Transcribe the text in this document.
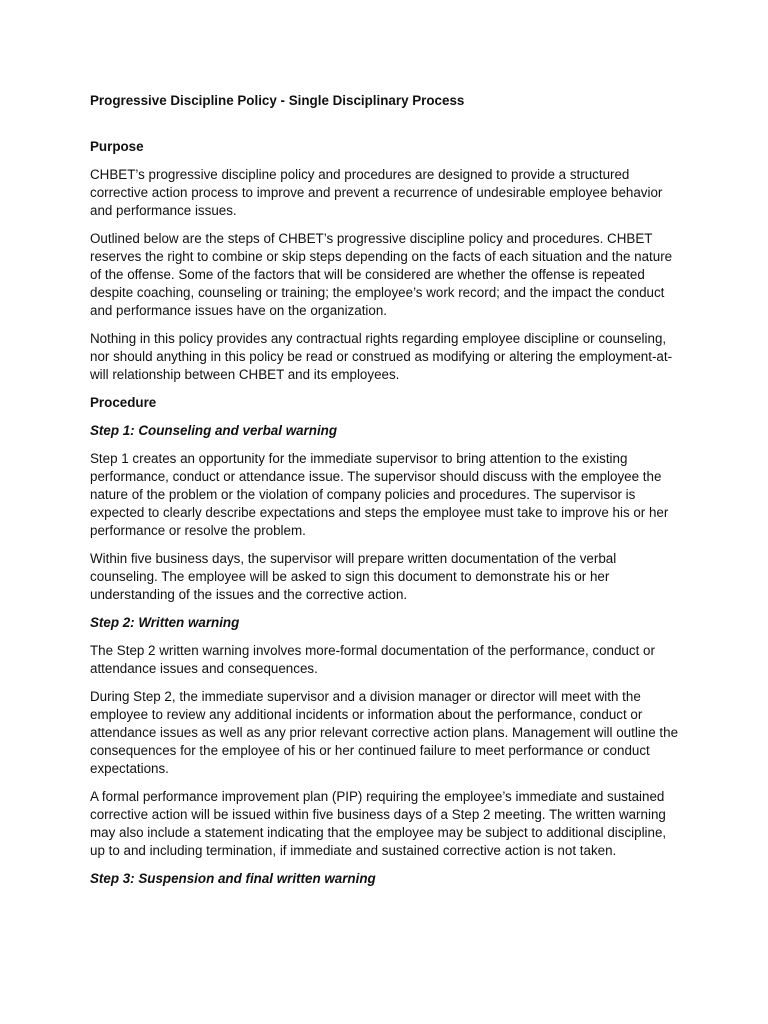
Progressive Discipline Policy - Single Disciplinary Process

Purpose

CHBET’s progressive discipline policy and procedures are designed to provide a structured corrective action process to improve and prevent a recurrence of undesirable employee behavior and performance issues.

Outlined below are the steps of CHBET’s progressive discipline policy and procedures. CHBET reserves the right to combine or skip steps depending on the facts of each situation and the nature of the offense. Some of the factors that will be considered are whether the offense is repeated despite coaching, counseling or training; the employee’s work record; and the impact the conduct and performance issues have on the organization.

Nothing in this policy provides any contractual rights regarding employee discipline or counseling, nor should anything in this policy be read or construed as modifying or altering the employment-at-will relationship between CHBET and its employees.

Procedure

Step 1: Counseling and verbal warning

Step 1 creates an opportunity for the immediate supervisor to bring attention to the existing performance, conduct or attendance issue. The supervisor should discuss with the employee the nature of the problem or the violation of company policies and procedures. The supervisor is expected to clearly describe expectations and steps the employee must take to improve his or her performance or resolve the problem.

Within five business days, the supervisor will prepare written documentation of the verbal counseling. The employee will be asked to sign this document to demonstrate his or her understanding of the issues and the corrective action.

Step 2: Written warning

The Step 2 written warning involves more-formal documentation of the performance, conduct or attendance issues and consequences.

During Step 2, the immediate supervisor and a division manager or director will meet with the employee to review any additional incidents or information about the performance, conduct or attendance issues as well as any prior relevant corrective action plans. Management will outline the consequences for the employee of his or her continued failure to meet performance or conduct expectations.

A formal performance improvement plan (PIP) requiring the employee’s immediate and sustained corrective action will be issued within five business days of a Step 2 meeting. The written warning may also include a statement indicating that the employee may be subject to additional discipline, up to and including termination, if immediate and sustained corrective action is not taken.

Step 3: Suspension and final written warning
